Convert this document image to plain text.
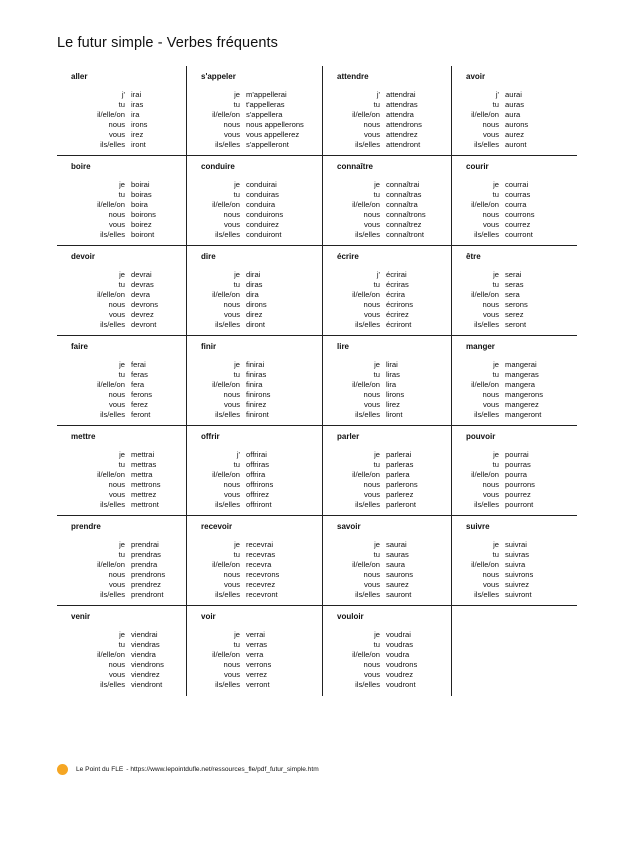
Le futur simple - Verbes fréquents
aller
j'	irai
tu	iras
il/elle/on	ira
nous	irons
vous	irez
ils/elles	iront
s'appeler
je	m'appellerai
tu	t'appelleras
il/elle/on	s'appellera
nous	nous appellerons
vous	vous appellerez
ils/elles	s'appelleront
attendre
j'	attendrai
tu	attendras
il/elle/on	attendra
nous	attendrons
vous	attendrez
ils/elles	attendront
avoir
j'	aurai
tu	auras
il/elle/on	aura
nous	aurons
vous	aurez
ils/elles	auront
boire
je	boirai
tu	boiras
il/elle/on	boira
nous	boirons
vous	boirez
ils/elles	boiront
conduire
je	conduirai
tu	conduiras
il/elle/on	conduira
nous	conduirons
vous	conduirez
ils/elles	conduiront
connaître
je	connaîtrai
tu	connaîtras
il/elle/on	connaîtra
nous	connaîtrons
vous	connaîtrez
ils/elles	connaîtront
courir
je	courrai
tu	courras
il/elle/on	courra
nous	courrons
vous	courrez
ils/elles	courront
devoir
je	devrai
tu	devras
il/elle/on	devra
nous	devrons
vous	devrez
ils/elles	devront
dire
je	dirai
tu	diras
il/elle/on	dira
nous	dirons
vous	direz
ils/elles	diront
écrire
j'	écrirai
tu	écriras
il/elle/on	écrira
nous	écrirons
vous	écrirez
ils/elles	écriront
être
je	serai
tu	seras
il/elle/on	sera
nous	serons
vous	serez
ils/elles	seront
faire
je	ferai
tu	feras
il/elle/on	fera
nous	ferons
vous	ferez
ils/elles	feront
finir
je	finirai
tu	finiras
il/elle/on	finira
nous	finirons
vous	finirez
ils/elles	finiront
lire
je	lirai
tu	liras
il/elle/on	lira
nous	lirons
vous	lirez
ils/elles	liront
manger
je	mangerai
tu	mangeras
il/elle/on	mangera
nous	mangerons
vous	mangerez
ils/elles	mangeront
mettre
je	mettrai
tu	mettras
il/elle/on	mettra
nous	mettrons
vous	mettrez
ils/elles	mettront
offrir
j'	offrirai
tu	offriras
il/elle/on	offrira
nous	offrirons
vous	offrirez
ils/elles	offriront
parler
je	parlerai
tu	parleras
il/elle/on	parlera
nous	parlerons
vous	parlerez
ils/elles	parleront
pouvoir
je	pourrai
tu	pourras
il/elle/on	pourra
nous	pourrons
vous	pourrez
ils/elles	pourront
prendre
je	prendrai
tu	prendras
il/elle/on	prendra
nous	prendrons
vous	prendrez
ils/elles	prendront
recevoir
je	recevrai
tu	recevras
il/elle/on	recevra
nous	recevrons
vous	recevrez
ils/elles	recevront
savoir
je	saurai
tu	sauras
il/elle/on	saura
nous	saurons
vous	saurez
ils/elles	sauront
suivre
je	suivrai
tu	suivras
il/elle/on	suivra
nous	suivrons
vous	suivrez
ils/elles	suivront
venir
je	viendrai
tu	viendras
il/elle/on	viendra
nous	viendrons
vous	viendrez
ils/elles	viendront
voir
je	verrai
tu	verras
il/elle/on	verra
nous	verrons
vous	verrez
ils/elles	verront
vouloir
je	voudrai
tu	voudras
il/elle/on	voudra
nous	voudrons
vous	voudrez
ils/elles	voudront
Le Point du FLE - https://www.lepointdufle.net/ressources_fle/pdf_futur_simple.htm
